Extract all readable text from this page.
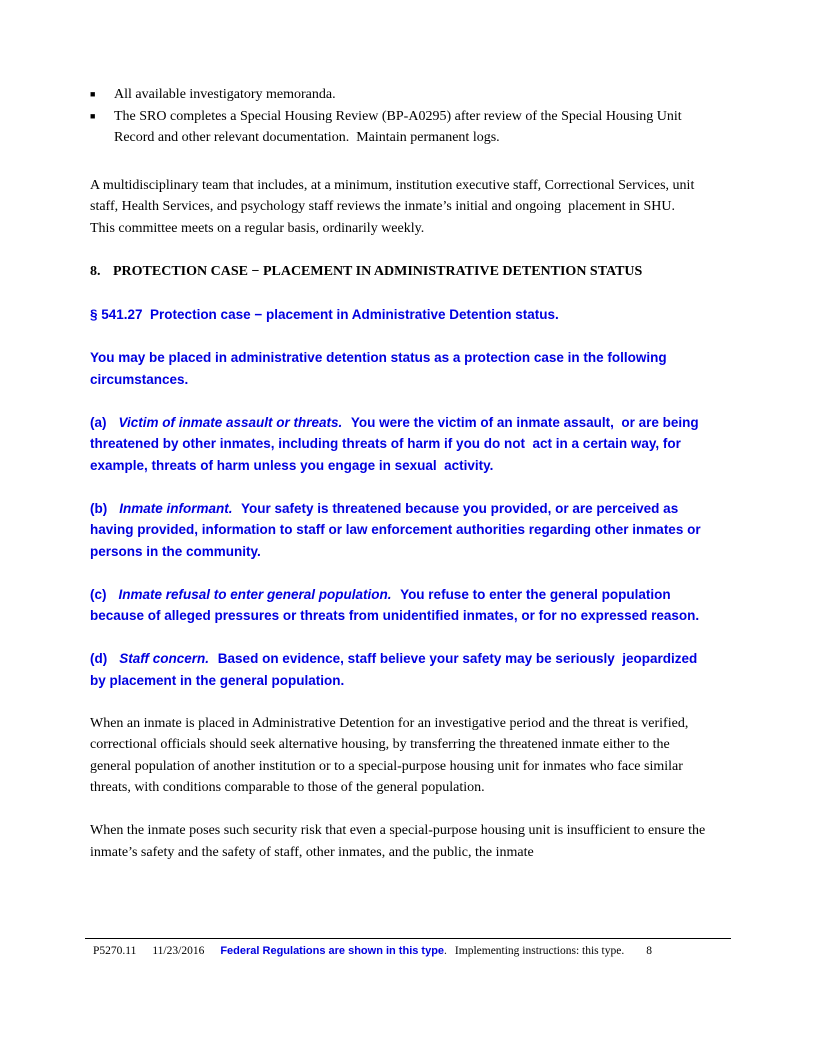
■	All available investigatory memoranda.
■	The SRO completes a Special Housing Review (BP-A0295) after review of the Special Housing Unit Record and other relevant documentation.  Maintain permanent logs.

A multidisciplinary team that includes, at a minimum, institution executive staff, Correctional Services, unit staff, Health Services, and psychology staff reviews the inmate’s initial and ongoing  placement in SHU.  This committee meets on a regular basis, ordinarily weekly.

8. PROTECTION CASE − PLACEMENT IN ADMINISTRATIVE DETENTION STATUS

§ 541.27  Protection case − placement in Administrative Detention status.

You may be placed in administrative detention status as a protection case in the following circumstances.

(a) Victim of inmate assault or threats. You were the victim of an inmate assault,  or are being threatened by other inmates, including threats of harm if you do not  act in a certain way, for example, threats of harm unless you engage in sexual  activity.

(b) Inmate informant. Your safety is threatened because you provided, or are perceived as having provided, information to staff or law enforcement authorities regarding other inmates or persons in the community.

(c) Inmate refusal to enter general population. You refuse to enter the general population because of alleged pressures or threats from unidentified inmates, or for no expressed reason.

(d) Staff concern. Based on evidence, staff believe your safety may be seriously  jeopardized by placement in the general population.

When an inmate is placed in Administrative Detention for an investigative period and the threat is verified, correctional officials should seek alternative housing, by transferring the threatened inmate either to the general population of another institution or to a special-purpose housing unit for inmates who face similar threats, with conditions comparable to those of the general population.

When the inmate poses such security risk that even a special-purpose housing unit is insufficient to ensure the inmate’s safety and the safety of staff, other inmates, and the public, the inmate

P5270.11 11/23/2016 Federal Regulations are shown in this type. Implementing instructions: this type. 8
